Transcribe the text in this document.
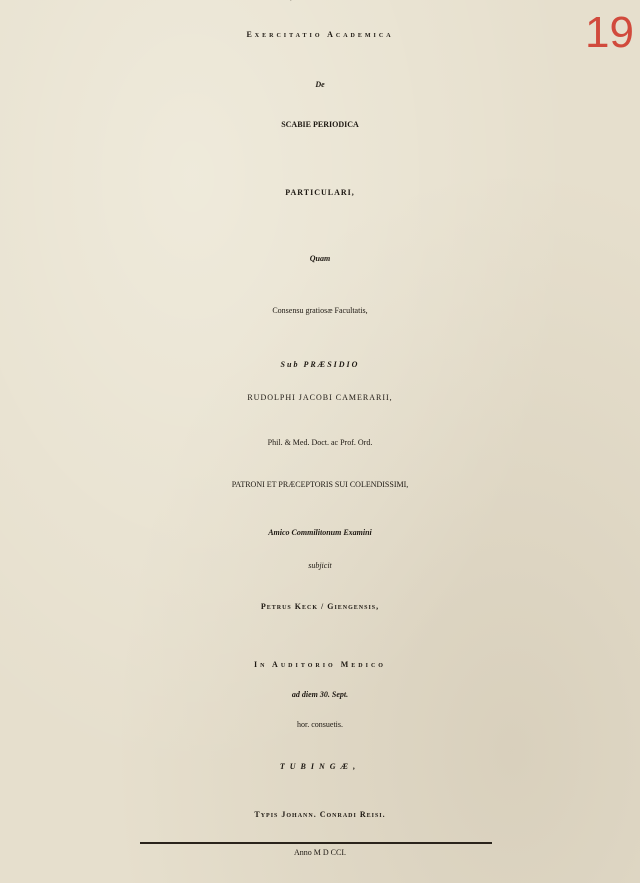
19
Exercitatio Academica
De
SCABIE PERIODICA
PARTICULARI,
Quam
Consensu gratiosæ Facultatis,
Sub PRÆSIDIO
RUDOLPHI JACOBI CAMERARII,
Phil. & Med. Doct. ac Prof. Ord.
PATRONI ET PRÆCEPTORIS SUI COLENDISSIMI,
Amico Commilitonum Examini
subjicit
Petrus Keck / Giengensis,
In Auditorio Medico
ad diem 30. Sept.
hor. consuetis.
TUBINGÆ,
Typis Johann. Conradi Reisi.
Anno M D CCI.
